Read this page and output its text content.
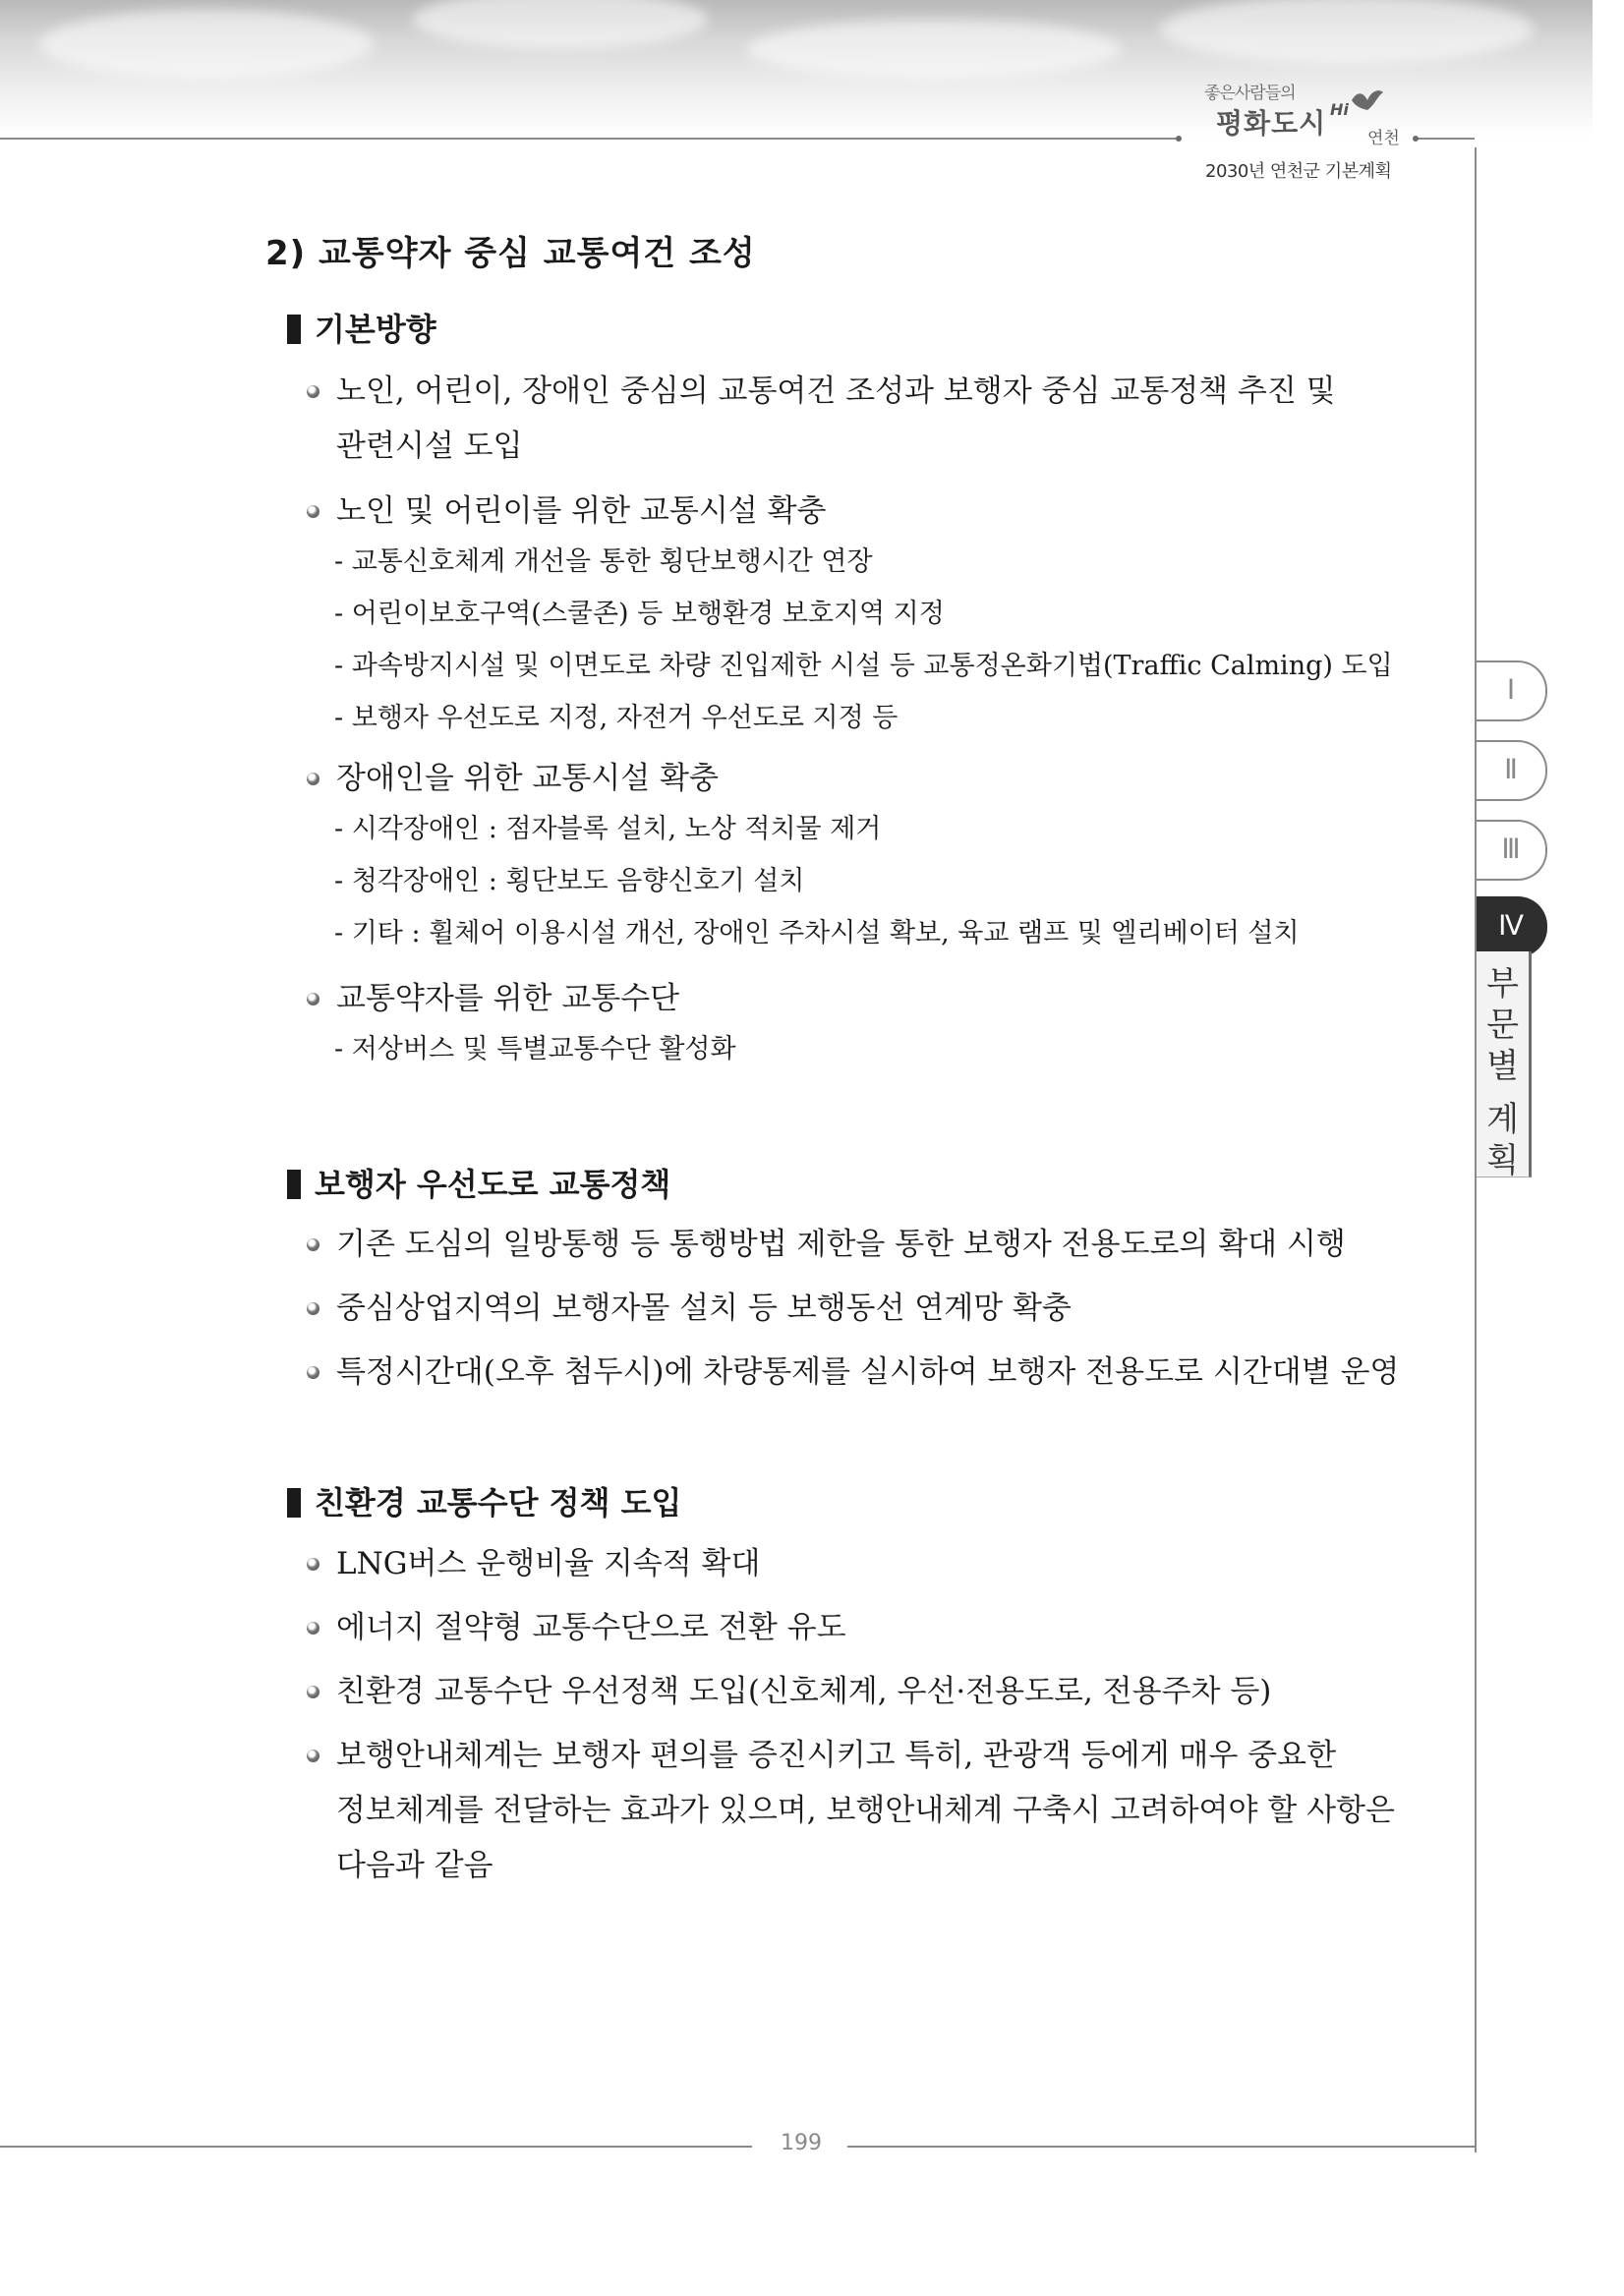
좋은사람들의
평화도시 Hi
연천
2030년 연천군 기본계획
199
Ⅰ
Ⅱ
Ⅲ
Ⅳ
부
문
별
계
획
2) 교통약자 중심 교통여건 조성
기본방향
노인, 어린이, 장애인 중심의 교통여건 조성과 보행자 중심 교통정책 추진 및
관련시설 도입
노인 및 어린이를 위한 교통시설 확충
- 교통신호체계 개선을 통한 횡단보행시간 연장
- 어린이보호구역(스쿨존) 등 보행환경 보호지역 지정
- 과속방지시설 및 이면도로 차량 진입제한 시설 등 교통정온화기법(Traffic Calming) 도입
- 보행자 우선도로 지정, 자전거 우선도로 지정 등
장애인을 위한 교통시설 확충
- 시각장애인 : 점자블록 설치, 노상 적치물 제거
- 청각장애인 : 횡단보도 음향신호기 설치
- 기타 : 휠체어 이용시설 개선, 장애인 주차시설 확보, 육교 램프 및 엘리베이터 설치
교통약자를 위한 교통수단
- 저상버스 및 특별교통수단 활성화
보행자 우선도로 교통정책
기존 도심의 일방통행 등 통행방법 제한을 통한 보행자 전용도로의 확대 시행
중심상업지역의 보행자몰 설치 등 보행동선 연계망 확충
특정시간대(오후 첨두시)에 차량통제를 실시하여 보행자 전용도로 시간대별 운영
친환경 교통수단 정책 도입
LNG버스 운행비율 지속적 확대
에너지 절약형 교통수단으로 전환 유도
친환경 교통수단 우선정책 도입(신호체계, 우선·전용도로, 전용주차 등)
보행안내체계는 보행자 편의를 증진시키고 특히, 관광객 등에게 매우 중요한
정보체계를 전달하는 효과가 있으며, 보행안내체계 구축시 고려하여야 할 사항은
다음과 같음
